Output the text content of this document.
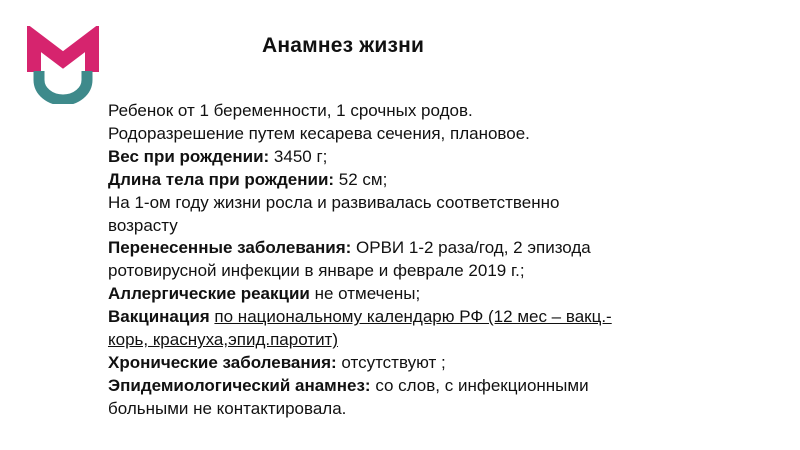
Анамнез жизни
Ребенок от 1 беременности, 1 срочных родов.
Родоразрешение путем кесарева сечения, плановое.
Вес при рождении: 3450 г;
Длина тела при рождении: 52 см;
На 1-ом году жизни росла и развивалась соответственно
возрасту
Перенесенные заболевания: ОРВИ 1-2 раза/год, 2 эпизода
ротовирусной инфекции в январе и феврале 2019 г.;
Аллергические реакции не отмечены;
Вакцинация по национальному календарю РФ (12 мес – вакц.-
корь, краснуха,эпид.паротит)
Хронические заболевания: отсутствуют ;
Эпидемиологический анамнез: со слов, с инфекционными
больными не контактировала.
